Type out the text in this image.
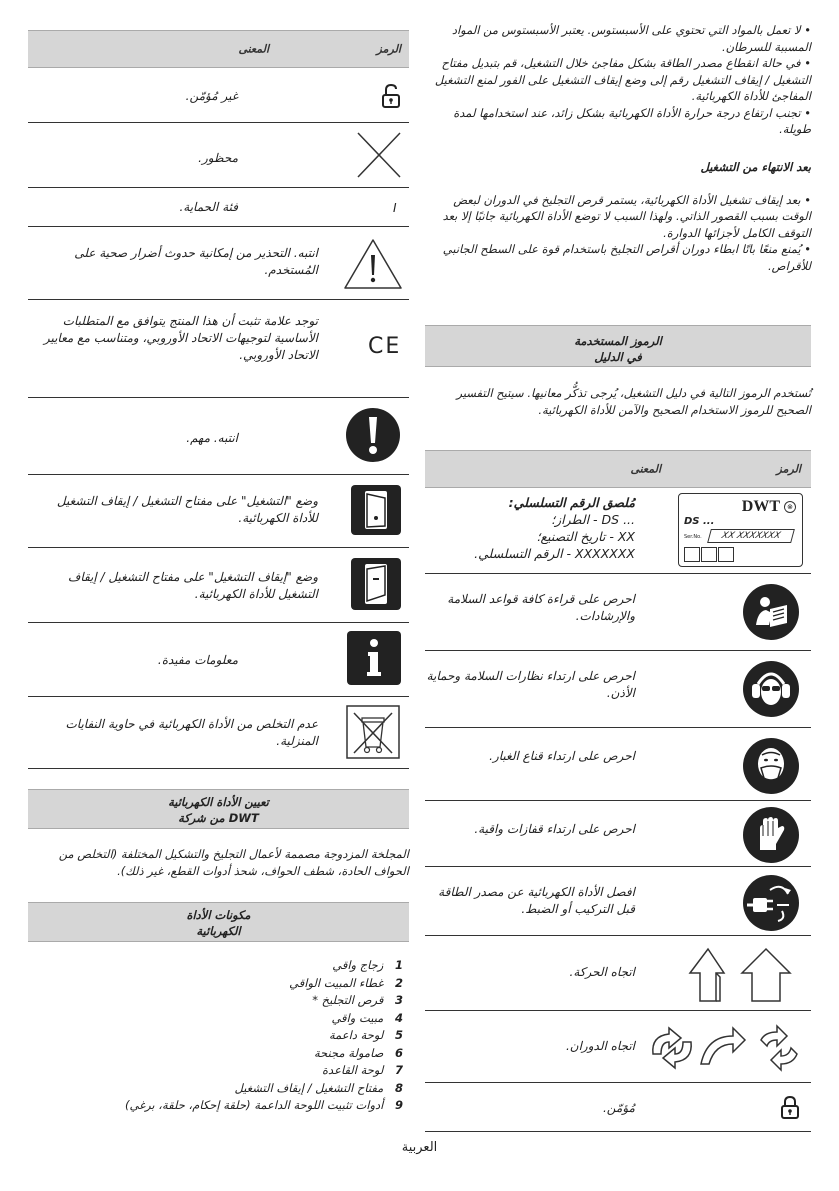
• لا تعمل بالمواد التي تحتوي على الأسبستوس. يعتبر الأسبستوس من المواد المسببة للسرطان.

• في حالة انقطاع مصدر الطاقة بشكل مفاجئ خلال التشغيل، قم بتبديل مفتاح التشغيل / إيقاف التشغيل رقم إلى وضع إيقاف التشغيل على الفور لمنع التشغيل المفاجئ للأداة الكهربائية.

• تجنب ارتفاع درجة حرارة الأداة الكهربائية بشكل زائد، عند استخدامها لمدة طويلة.

بعد الانتهاء من التشغيل

• بعد إيقاف تشغيل الأداة الكهربائية، يستمر قرص التجليخ في الدوران لبعض الوقت بسبب القصور الذاتي. ولهذا السبب لا توضع الأداة الكهربائية جانبًا إلا بعد التوقف الكامل لأجزائها الدوارة.

• يُمنع منعًا باتًا ابطاء دوران أقراص التجليخ باستخدام قوة على السطح الجانبي للأقراص.

الرموز المستخدمة
في الدليل

تُستخدم الرموز التالية في دليل التشغيل، يُرجى تذكُّر معانيها. سيتيح التفسير الصحيح للرموز الاستخدام الصحيح والآمن للأداة الكهربائية.

الرمز
المعنى
DWT	⊗
DS ...
Ser.No.	XX XXXXXXX
مُلصق الرقم التسلسلي:
... DS - الطراز؛
XX - تاريخ التصنيع؛
XXXXXXX - الرقم التسلسلي.

احرص على قراءة كافة قواعد السلامة والإرشادات.

احرص على ارتداء نظارات السلامة وحماية الأذن.

احرص على ارتداء قناع الغبار.

احرص على ارتداء قفازات واقية.

افصل الأداة الكهربائية عن مصدر الطاقة قبل التركيب أو الضبط.

اتجاه الحركة.

اتجاه الدوران.

مُؤمّن.

الرمز
المعنى

غير مُؤمّن.

محظور.

I

فئة الحماية.

انتبه. التحذير من إمكانية حدوث أضرار صحية على المُستخدم.

CE

توجد علامة تثبت أن هذا المنتج يتوافق مع المتطلبات الأساسية لتوجيهات الاتحاد الأوروبي، ومتناسب مع معايير الاتحاد الأوروبي.

انتبه. مهم.

وضع "التشغيل" على مفتاح التشغيل / إيقاف التشغيل للأداة الكهربائية.

وضع "إيقاف التشغيل" على مفتاح التشغيل / إيقاف التشغيل للأداة الكهربائية.

معلومات مفيدة.

عدم التخلص من الأداة الكهربائية في حاوية النفايات المنزلية.

تعيين الأداة الكهربائية
من شركة DWT

المجلخة المزدوجة مصممة لأعمال التجليخ والتشكيل المختلفة (التخلص من الحواف الحادة، شطف الحواف، شحذ أدوات القطع، غير ذلك).

مكونات الأداة
الكهربائية
1 زجاج واقي
2 غطاء المبيت الواقي
3 قرص التجليخ *
4 مبيت واقي
5 لوحة داعمة
6 صامولة مجنحة
7 لوحة القاعدة
8 مفتاح التشغيل / إيقاف التشغيل
9 أدوات تثبيت اللوحة الداعمة (حلقة إحكام، حلقة، برغي)
العربية
